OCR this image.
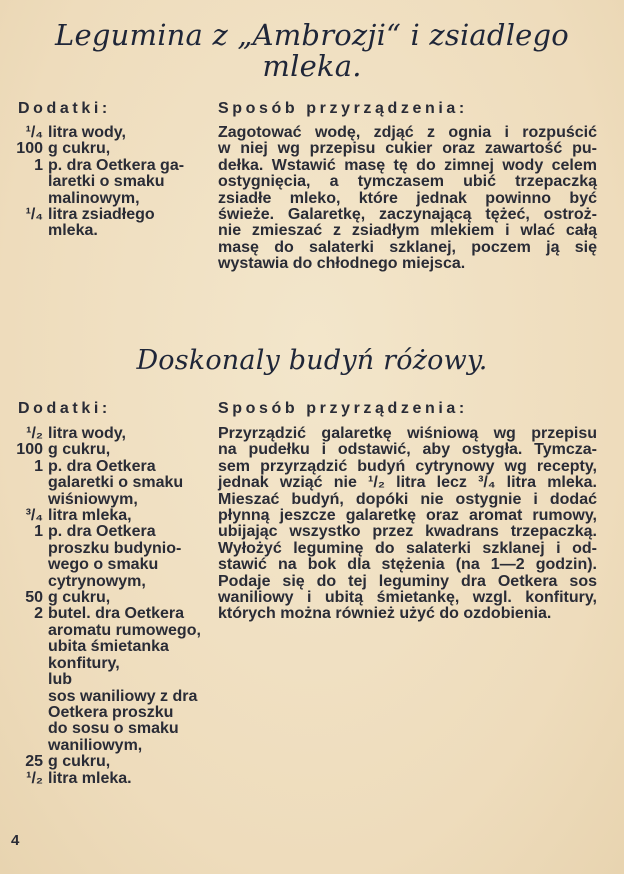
Legumina z „Ambrozji“ i zsiadlego
mleka.
Dodatki:
¹/₄ litra wody,
100 g cukru,
1 p. dra Oetkera ga-
laretki o smaku
malinowym,
¹/₄ litra zsiadłego
mleka.
Sposób przyrządzenia:
Zagotować wodę, zdjąć z ognia i rozpuścić
w niej wg przepisu cukier oraz zawartość pu-
dełka. Wstawić masę tę do zimnej wody celem
ostygnięcia, a tymczasem ubić trzepaczką
zsiadłe mleko, które jednak powinno być
świeże. Galaretkę, zaczynającą tężeć, ostroż-
nie zmieszać z zsiadłym mlekiem i wlać całą
masę do salaterki szklanej, poczem ją się
wystawia do chłodnego miejsca.
Doskonaly budyń różowy.
Dodatki:
¹/₂ litra wody,
100 g cukru,
1 p. dra Oetkera
galaretki o smaku
wiśniowym,
³/₄ litra mleka,
1 p. dra Oetkera
proszku budynio-
wego o smaku
cytrynowym,
50 g cukru,
2 butel. dra Oetkera
aromatu rumowego,
ubita śmietanka
konfitury,
lub
sos waniliowy z dra
Oetkera proszku
do sosu o smaku
waniliowym,
25 g cukru,
¹/₂ litra mleka.
Sposób przyrządzenia:
Przyrządzić galaretkę wiśniową wg przepisu
na pudełku i odstawić, aby ostygła. Tymcza-
sem przyrządzić budyń cytrynowy wg recepty,
jednak wziąć nie ¹/₂ litra lecz ³/₄ litra mleka.
Mieszać budyń, dopóki nie ostygnie i dodać
płynną jeszcze galaretkę oraz aromat rumowy,
ubijając wszystko przez kwadrans trzepaczką.
Wyłożyć leguminę do salaterki szklanej i od-
stawić na bok dla stężenia (na 1—2 godzin).
Podaje się do tej leguminy dra Oetkera sos
waniliowy i ubitą śmietankę, wzgl. konfitury,
których można również użyć do ozdobienia.
4
